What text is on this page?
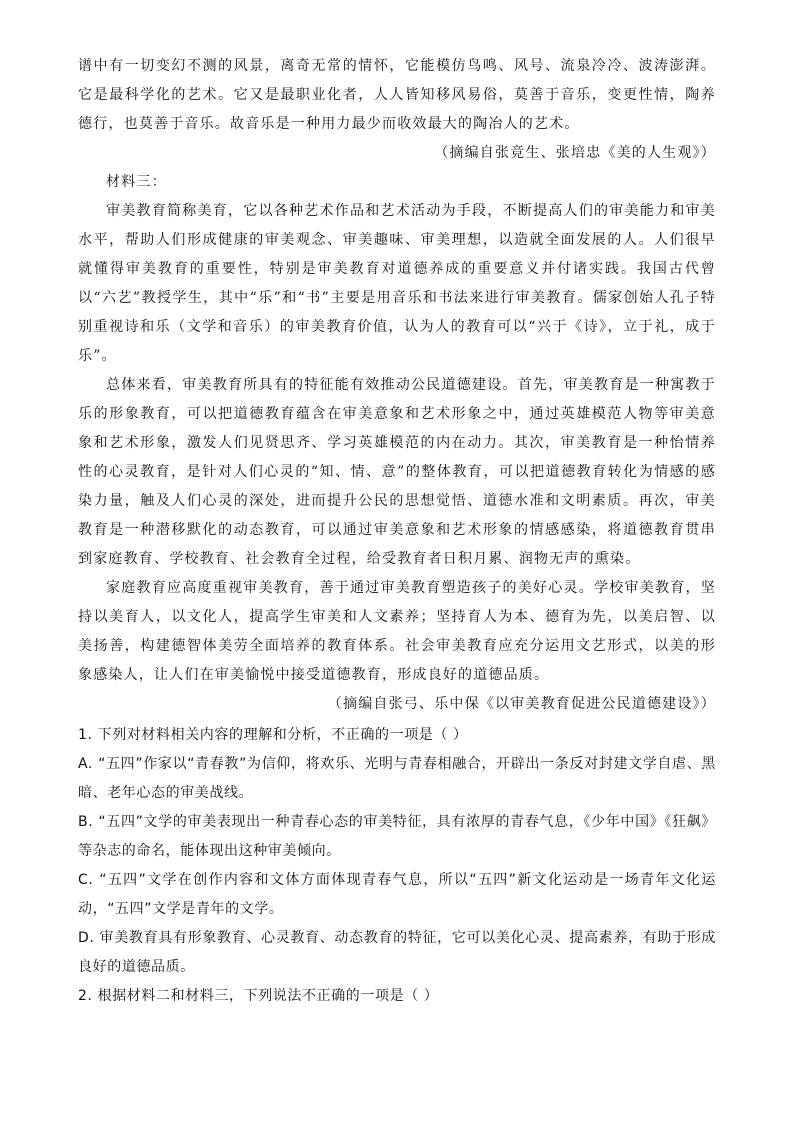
谱中有一切变幻不测的风景，离奇无常的情怀，它能模仿鸟鸣、风号、流泉冷冷、波涛澎湃。它是最科学化的艺术。它又是最职业化者，人人皆知移风易俗，莫善于音乐，变更性情，陶养德行，也莫善于音乐。故音乐是一种用力最少而收效最大的陶冶人的艺术。

（摘编自张竞生、张培忠《美的人生观》）

材料三：

审美教育简称美育，它以各种艺术作品和艺术活动为手段，不断提高人们的审美能力和审美水平，帮助人们形成健康的审美观念、审美趣味、审美理想，以造就全面发展的人。人们很早就懂得审美教育的重要性，特别是审美教育对道德养成的重要意义并付诸实践。我国古代曾以“六艺”教授学生，其中“乐”和“书”主要是用音乐和书法来进行审美教育。儒家创始人孔子特别重视诗和乐（文学和音乐）的审美教育价值，认为人的教育可以“兴于《诗》，立于礼，成于乐”。

总体来看，审美教育所具有的特征能有效推动公民道德建设。首先，审美教育是一种寓教于乐的形象教育，可以把道德教育蕴含在审美意象和艺术形象之中，通过英雄模范人物等审美意象和艺术形象，激发人们见贤思齐、学习英雄模范的内在动力。其次，审美教育是一种怡情养性的心灵教育，是针对人们心灵的“知、情、意”的整体教育，可以把道德教育转化为情感的感染力量，触及人们心灵的深处，进而提升公民的思想觉悟、道德水准和文明素质。再次，审美教育是一种潜移默化的动态教育，可以通过审美意象和艺术形象的情感感染，将道德教育贯串到家庭教育、学校教育、社会教育全过程，给受教育者日积月累、润物无声的熏染。

家庭教育应高度重视审美教育，善于通过审美教育塑造孩子的美好心灵。学校审美教育，坚持以美育人，以文化人，提高学生审美和人文素养；坚持育人为本、德育为先，以美启智、以美扬善，构建德智体美劳全面培养的教育体系。社会审美教育应充分运用文艺形式，以美的形象感染人，让人们在审美愉悦中接受道德教育，形成良好的道德品质。

（摘编自张弓、乐中保《以审美教育促进公民道德建设》）

1. 下列对材料相关内容的理解和分析，不正确的一项是（ ）

A. “五四”作家以“青春教”为信仰，将欢乐、光明与青春相融合，开辟出一条反对封建文学自虐、黑暗、老年心态的审美战线。

B. “五四”文学的审美表现出一种青春心态的审美特征，具有浓厚的青春气息，《少年中国》《狂飙》等杂志的命名，能体现出这种审美倾向。

C. “五四”文学在创作内容和文体方面体现青春气息，所以“五四”新文化运动是一场青年文化运动，“五四”文学是青年的文学。

D. 审美教育具有形象教育、心灵教育、动态教育的特征，它可以美化心灵、提高素养，有助于形成良好的道德品质。

2. 根据材料二和材料三，下列说法不正确的一项是（ ）
